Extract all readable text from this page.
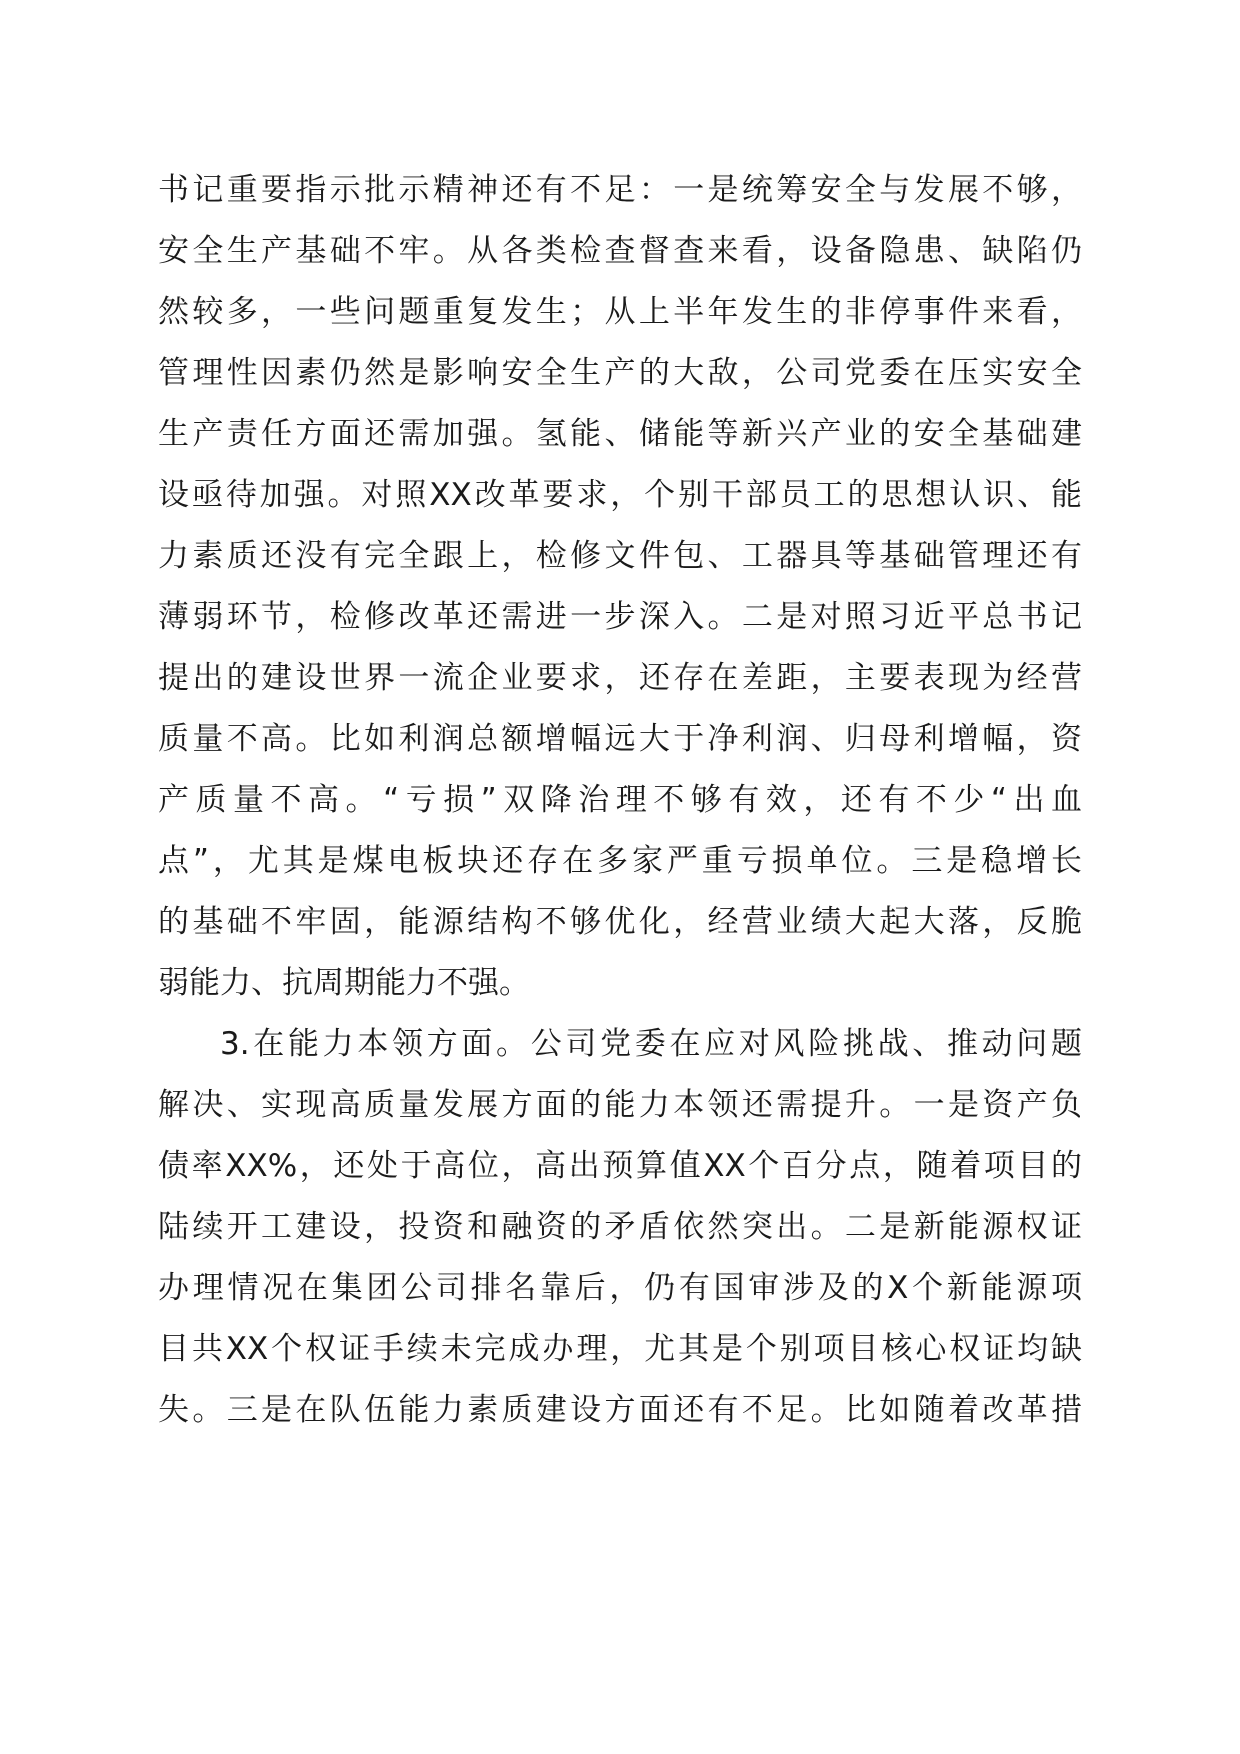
书记重要指示批示精神还有不足：一是统筹安全与发展不够，
安全生产基础不牢。从各类检查督查来看，设备隐患、缺陷仍
然较多，一些问题重复发生；从上半年发生的非停事件来看，
管理性因素仍然是影响安全生产的大敌，公司党委在压实安全
生产责任方面还需加强。氢能、储能等新兴产业的安全基础建
设亟待加强。对照XX改革要求，个别干部员工的思想认识、能
力素质还没有完全跟上，检修文件包、工器具等基础管理还有
薄弱环节，检修改革还需进一步深入。二是对照习近平总书记
提出的建设世界一流企业要求，还存在差距，主要表现为经营
质量不高。比如利润总额增幅远大于净利润、归母利增幅，资
产质量不高。“亏损”双降治理不够有效，还有不少“出血
点”，尤其是煤电板块还存在多家严重亏损单位。三是稳增长
的基础不牢固，能源结构不够优化，经营业绩大起大落，反脆
弱能力、抗周期能力不强。
3.在能力本领方面。公司党委在应对风险挑战、推动问题
解决、实现高质量发展方面的能力本领还需提升。一是资产负
债率XX%，还处于高位，高出预算值XX个百分点，随着项目的
陆续开工建设，投资和融资的矛盾依然突出。二是新能源权证
办理情况在集团公司排名靠后，仍有国审涉及的X个新能源项
目共XX个权证手续未完成办理，尤其是个别项目核心权证均缺
失。三是在队伍能力素质建设方面还有不足。比如随着改革措
